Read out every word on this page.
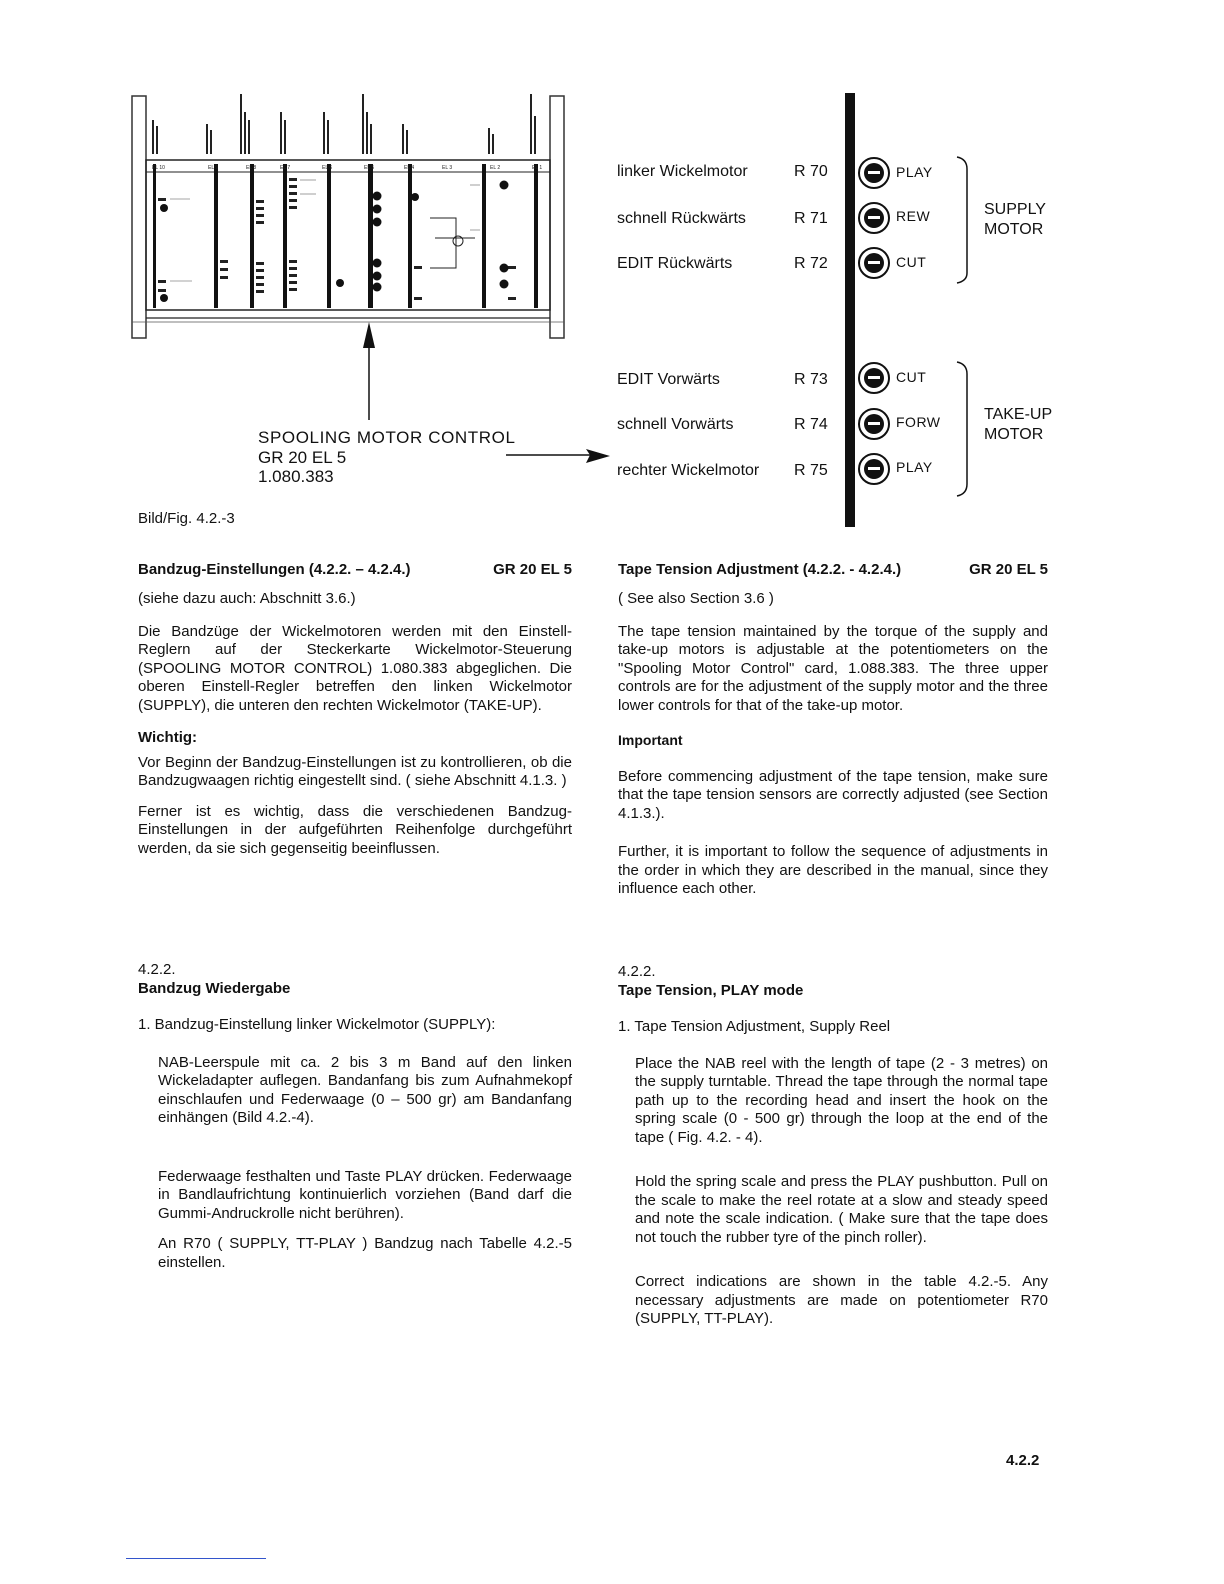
EL 10	EL 9	EL 8	EL 7	EL 6	EL 5	EL 4	EL 3	EL 2	EL 1
SPOOLING MOTOR CONTROL
GR 20 EL 5
1.080.383
Bild/Fig. 4.2.-3
linker Wickelmotor	R 70	PLAY
schnell Rückwärts	R 71	REW
EDIT Rückwärts	R 72	CUT
SUPPLY
MOTOR
EDIT Vorwärts	R 73	CUT
schnell Vorwärts	R 74	FORW
rechter Wickelmotor R 75	PLAY
TAKE-UP
MOTOR
Bandzug-Einstellungen (4.2.2. – 4.2.4.)	GR 20 EL 5
(siehe dazu auch: Abschnitt 3.6.)
Die Bandzüge der Wickelmotoren werden mit den Einstell-Reglern auf der Steckerkarte Wickelmotor-Steuerung (SPOOLING MOTOR CONTROL) 1.080.383 abgeglichen. Die oberen Einstell-Regler betreffen den linken Wickelmotor (SUPPLY), die unteren den rechten Wickelmotor (TAKE-UP).
Wichtig:
Vor Beginn der Bandzug-Einstellungen ist zu kontrollieren, ob die Bandzugwaagen richtig eingestellt sind. ( siehe Abschnitt 4.1.3. )
Ferner ist es wichtig, dass die verschiedenen Bandzug-Einstellungen in der aufgeführten Reihenfolge durchgeführt werden, da sie sich gegenseitig beeinflussen.
4.2.2.
Bandzug Wiedergabe
1. Bandzug-Einstellung linker Wickelmotor (SUPPLY):
NAB-Leerspule mit ca. 2 bis 3 m Band auf den linken Wickeladapter auflegen. Bandanfang bis zum Aufnahmekopf einschlaufen und Federwaage (0 – 500 gr) am Bandanfang einhängen (Bild 4.2.-4).
Federwaage festhalten und Taste PLAY drücken. Federwaage in Bandlaufrichtung kontinuierlich vorziehen (Band darf die Gummi-Andruckrolle nicht berühren).
An R70 ( SUPPLY, TT-PLAY ) Bandzug nach Tabelle 4.2.-5 einstellen.
Tape Tension Adjustment (4.2.2. - 4.2.4.)	GR 20 EL 5
( See also Section 3.6 )
The tape tension maintained by the torque of the supply and take-up motors is adjustable at the potentiometers on the "Spooling Motor Control" card, 1.088.383. The three upper controls are for the adjustment of the supply motor and the three lower controls for that of the take-up motor.
Important
Before commencing adjustment of the tape tension, make sure that the tape tension sensors are correctly adjusted (see Section 4.1.3.).
Further, it is important to follow the sequence of adjustments in the order in which they are described in the manual, since they influence each other.
4.2.2.
Tape Tension, PLAY mode
1. Tape Tension Adjustment, Supply Reel
Place the NAB reel with the length of tape (2 - 3 metres) on the supply turntable. Thread the tape through the normal tape path up to the recording head and insert the hook on the spring scale (0 - 500 gr) through the loop at the end of the tape ( Fig. 4.2. - 4).
Hold the spring scale and press the PLAY pushbutton. Pull on the scale to make the reel rotate at a slow and steady speed and note the scale indication. ( Make sure that the tape does not touch the rubber tyre of the pinch roller).
Correct indications are shown in the table 4.2.-5. Any necessary adjustments are made on potentiometer R70 (SUPPLY, TT-PLAY).
4.2.2
